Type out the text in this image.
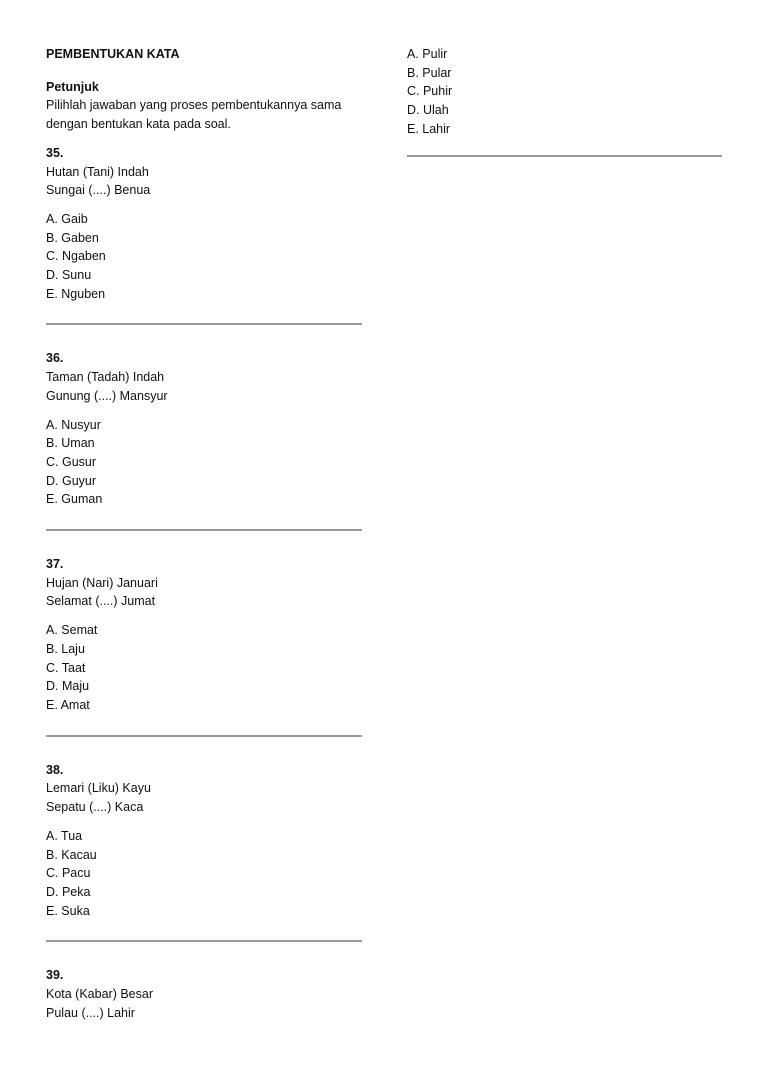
PEMBENTUKAN KATA

Petunjuk

Pilihlah jawaban yang proses pembentukannya sama

dengan bentukan kata pada soal.

35.

Hutan (Tani) Indah

Sungai (....) Benua

A. Gaib
B. Gaben
C. Ngaben
D. Sunu
E. Nguben

36.

Taman (Tadah) Indah

Gunung (....) Mansyur

A. Nusyur
B. Uman
C. Gusur
D. Guyur
E. Guman

37.

Hujan (Nari) Januari

Selamat (....) Jumat

A. Semat
B. Laju
C. Taat
D. Maju
E. Amat

38.

Lemari (Liku) Kayu

Sepatu (....) Kaca

A. Tua
B. Kacau
C. Pacu
D. Peka
E. Suka

39.

Kota (Kabar) Besar

Pulau (....) Lahir

A. Pulir
B. Pular
C. Puhir
D. Ulah
E. Lahir
